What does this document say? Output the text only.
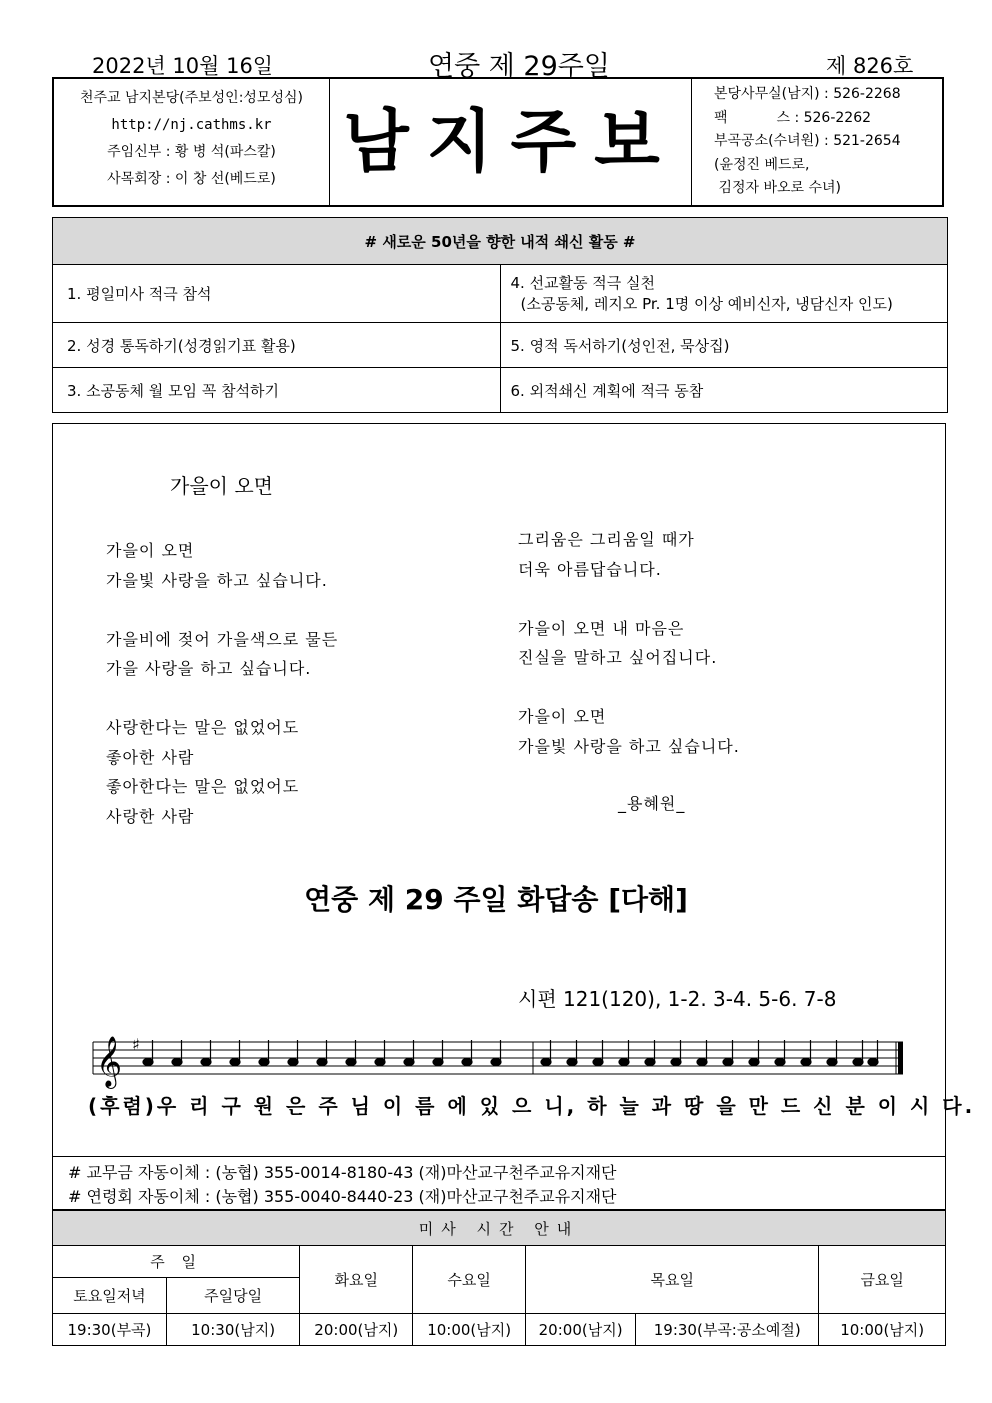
2022년 10월 16일	연중 제 29주일	제 826호
천주교 남지본당(주보성인:성모성심)
http://nj.cathms.kr
주임신부 : 황 병 석(파스칼)
사목회장 : 이 창 선(베드로) 남지주보
본당사무실(남지) : 526-2268
팩           스 : 526-2262
부곡공소(수녀원) : 521-2654
(윤정진 베드로,
김정자 바오로 수녀)
# 새로운 50년을 향한 내적 쇄신 활동 #	
1. 평일미사 적극 참석	4. 선교활동 적극 실천
(소공동체, 레지오 Pr. 1명 이상 예비신자, 냉담신자 인도)

2. 성경 통독하기(성경읽기표 활용)	5. 영적 독서하기(성인전, 묵상집)
3. 소공동체 월 모임 꼭 참석하기	6. 외적쇄신 계획에 적극 동참
가을이 오면
가을이 오면
가을빛 사랑을 하고 싶습니다.
가을비에 젖어 가을색으로 물든
가을 사랑을 하고 싶습니다.
사랑한다는 말은 없었어도
좋아한 사람
좋아한다는 말은 없었어도
사랑한 사람
그리움은 그리움일 때가
더욱 아름답습니다.
가을이 오면 내 마음은
진실을 말하고 싶어집니다.
가을이 오면
가을빛 사랑을 하고 싶습니다.
_용혜원_
연중 제 29 주일 화답송 [다해]
시편 121(120), 1-2. 3-4. 5-6. 7-8
𝄞 ♯
(후렴)우 리 구 원 은 주 님 이 름 에 있 으 니, 하 늘 과 땅 을 만 드 신 분 이 시 다.
# 교무금 자동이체 : (농협) 355-0014-8180-43 (재)마산교구천주교유지재단
# 연령회 자동이체 : (농협) 355-0040-8440-23 (재)마산교구천주교유지재단
미사 시간 안내						
주 일		화요일	수요일	목요일		금요일
토요일저녁	주일당일					
19:30(부곡)	10:30(남지)	20:00(남지)	10:00(남지)	20:00(남지)	19:30(부곡:공소예절)	10:00(남지)
